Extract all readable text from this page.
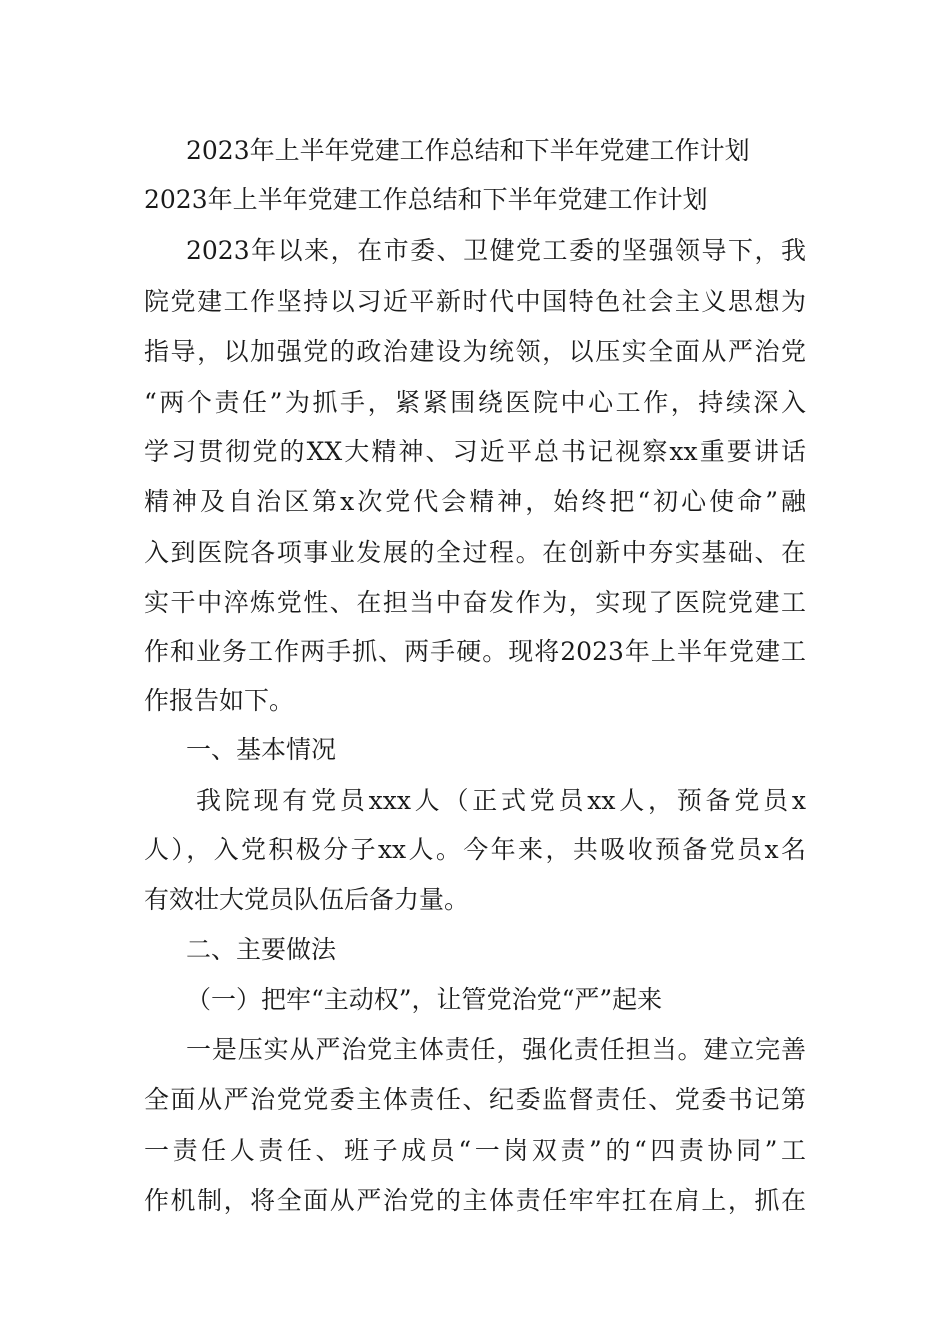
2023年上半年党建工作总结和下半年党建工作计划

2023年上半年党建工作总结和下半年党建工作计划

2023年以来，在市委、卫健党工委的坚强领导下，我

院党建工作坚持以习近平新时代中国特色社会主义思想为

指导，以加强党的政治建设为统领，以压实全面从严治党

“两个责任”为抓手，紧紧围绕医院中心工作，持续深入

学习贯彻党的XX大精神、习近平总书记视察xx重要讲话

精神及自治区第x次党代会精神，始终把“初心使命”融

入到医院各项事业发展的全过程。在创新中夯实基础、在

实干中淬炼党性、在担当中奋发作为，实现了医院党建工

作和业务工作两手抓、两手硬。现将2023年上半年党建工

作报告如下。

一、基本情况

我院现有党员xxx人（正式党员xx人，预备党员x

人），入党积极分子xx人。今年来，共吸收预备党员x名

有效壮大党员队伍后备力量。

二、主要做法

（一）把牢“主动权”，让管党治党“严”起来

一是压实从严治党主体责任，强化责任担当。建立完善

全面从严治党党委主体责任、纪委监督责任、党委书记第

一责任人责任、班子成员“一岗双责”的“四责协同”工

作机制，将全面从严治党的主体责任牢牢扛在肩上，抓在
